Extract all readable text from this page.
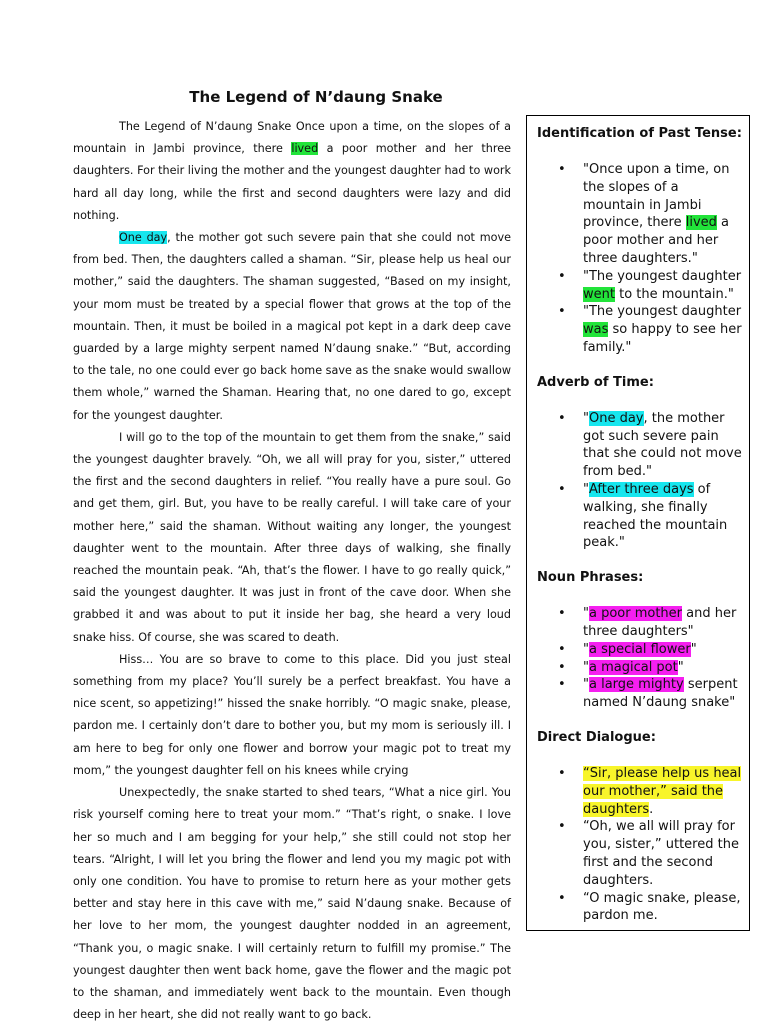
The Legend of N’daung Snake

The Legend of N’daung Snake Once upon a time, on the slopes of a mountain in Jambi province, there lived a poor mother and her three daughters. For their living the mother and the youngest daughter had to work hard all day long, while the first and second daughters were lazy and did nothing.

One day, the mother got such severe pain that she could not move from bed. Then, the daughters called a shaman. “Sir, please help us heal our mother,” said the daughters. The shaman suggested, “Based on my insight, your mom must be treated by a special flower that grows at the top of the mountain. Then, it must be boiled in a magical pot kept in a dark deep cave guarded by a large mighty serpent named N’daung snake.” “But, according to the tale, no one could ever go back home save as the snake would swallow them whole,” warned the Shaman. Hearing that, no one dared to go, except for the youngest daughter.

I will go to the top of the mountain to get them from the snake,” said the youngest daughter bravely. “Oh, we all will pray for you, sister,” uttered the first and the second daughters in relief. “You really have a pure soul. Go and get them, girl. But, you have to be really careful. I will take care of your mother here,” said the shaman. Without waiting any longer, the youngest daughter went to the mountain. After three days of walking, she finally reached the mountain peak. “Ah, that’s the flower. I have to go really quick,” said the youngest daughter. It was just in front of the cave door. When she grabbed it and was about to put it inside her bag, she heard a very loud snake hiss. Of course, she was scared to death.

Hiss… You are so brave to come to this place. Did you just steal something from my place? You’ll surely be a perfect breakfast. You have a nice scent, so appetizing!” hissed the snake horribly. “O magic snake, please, pardon me. I certainly don’t dare to bother you, but my mom is seriously ill. I am here to beg for only one flower and borrow your magic pot to treat my mom,” the youngest daughter fell on his knees while crying

Unexpectedly, the snake started to shed tears, “What a nice girl. You risk yourself coming here to treat your mom.” “That’s right, o snake. I love her so much and I am begging for your help,” she still could not stop her tears. “Alright, I will let you bring the flower and lend you my magic pot with only one condition. You have to promise to return here as your mother gets better and stay here in this cave with me,” said N’daung snake. Because of her love to her mom, the youngest daughter nodded in an agreement, “Thank you, o magic snake. I will certainly return to fulfill my promise.” The youngest daughter then went back home, gave the flower and the magic pot to the shaman, and immediately went back to the mountain. Even though deep in her heart, she did not really want to go back.

Identification of Past Tense:
• "Once upon a time, on the slopes of a mountain in Jambi province, there lived a poor mother and her three daughters."
• "The youngest daughter went to the mountain."
• "The youngest daughter was so happy to see her family."
Adverb of Time:
• "One day, the mother got such severe pain that she could not move from bed."
• "After three days of walking, she finally reached the mountain peak."
Noun Phrases:
• "a poor mother and her three daughters"
• "a special flower"
• "a magical pot"
• "a large mighty serpent named N’daung snake"
Direct Dialogue:
• “Sir, please help us heal our mother,” said the daughters.
• “Oh, we all will pray for you, sister,” uttered the first and the second daughters.
• “O magic snake, please, pardon me.
